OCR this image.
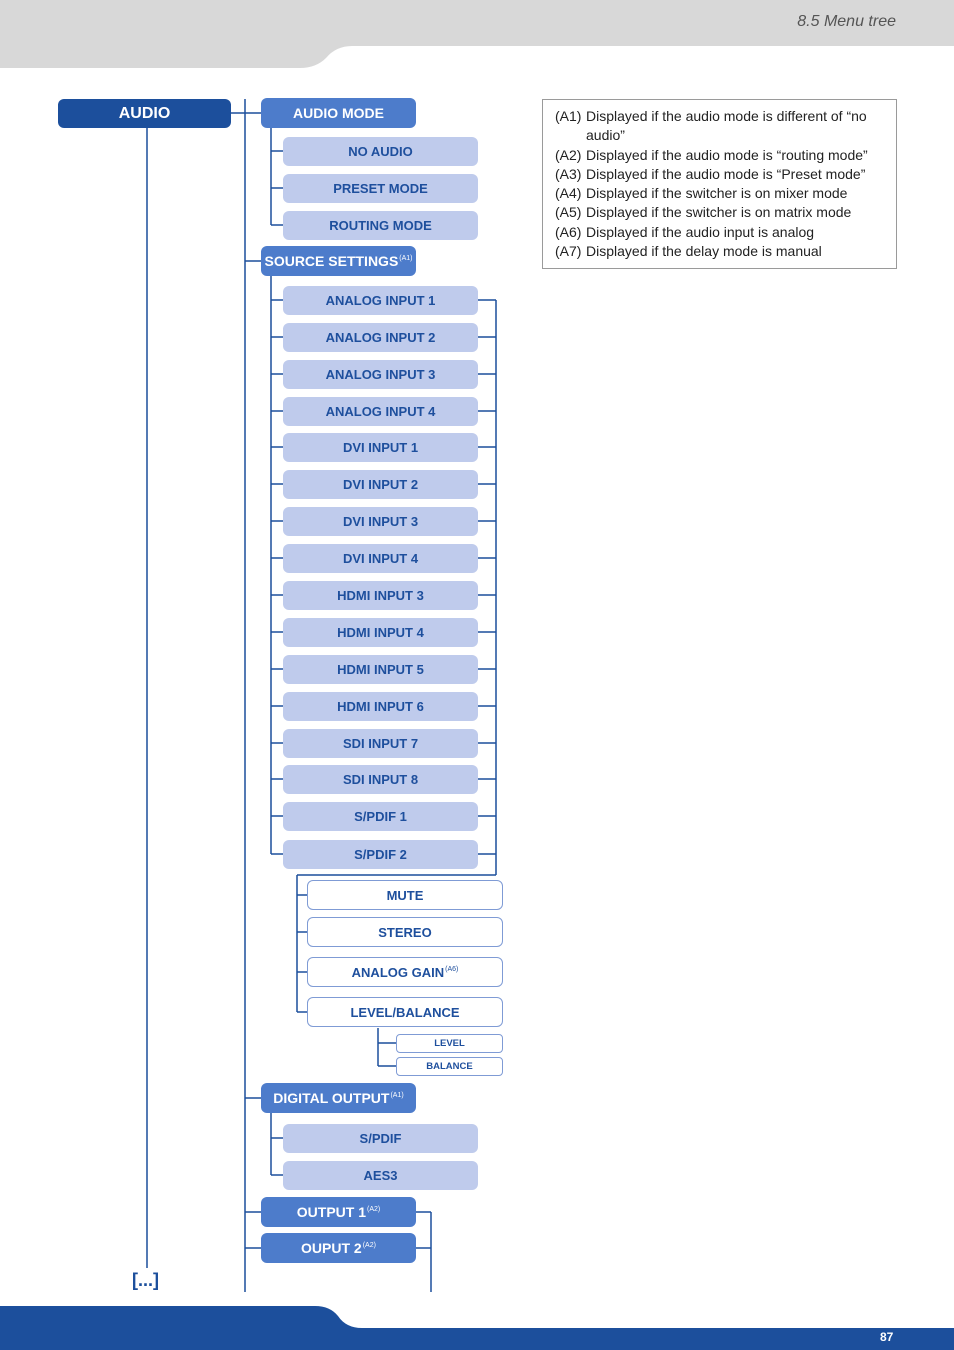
8.5 Menu tree
87
AUDIO
[...]
AUDIO MODE
SOURCE $SETTINGS^{(A1)}$
DIGITAL $OUTPUT^{(A1)}$
OUTPUT $1^{(A2)}$
OUPUT $2^{(A2)}$
NO AUDIO
PRESET MODE
ROUTING MODE
ANALOG INPUT 1
ANALOG INPUT 2
ANALOG INPUT 3
ANALOG INPUT 4
DVI INPUT 1
DVI INPUT 2
DVI INPUT 3
DVI INPUT 4
HDMI INPUT 3
HDMI INPUT 4
HDMI INPUT 5
HDMI INPUT 6
SDI INPUT 7
SDI INPUT 8
S/PDIF 1
S/PDIF 2
MUTE
STEREO
ANALOG $GAIN^{(A6)}$
LEVEL/BALANCE
LEVEL
BALANCE
S/PDIF
AES3
(A1) Displayed if the audio mode is different of “no audio”
(A2) Displayed if the audio mode is “routing mode”
(A3) Displayed if the audio mode is “Preset mode”
(A4) Displayed if the switcher is on mixer mode
(A5) Displayed if the switcher is on matrix mode
(A6) Displayed if the audio input is analog
(A7) Displayed if the delay mode is manual
